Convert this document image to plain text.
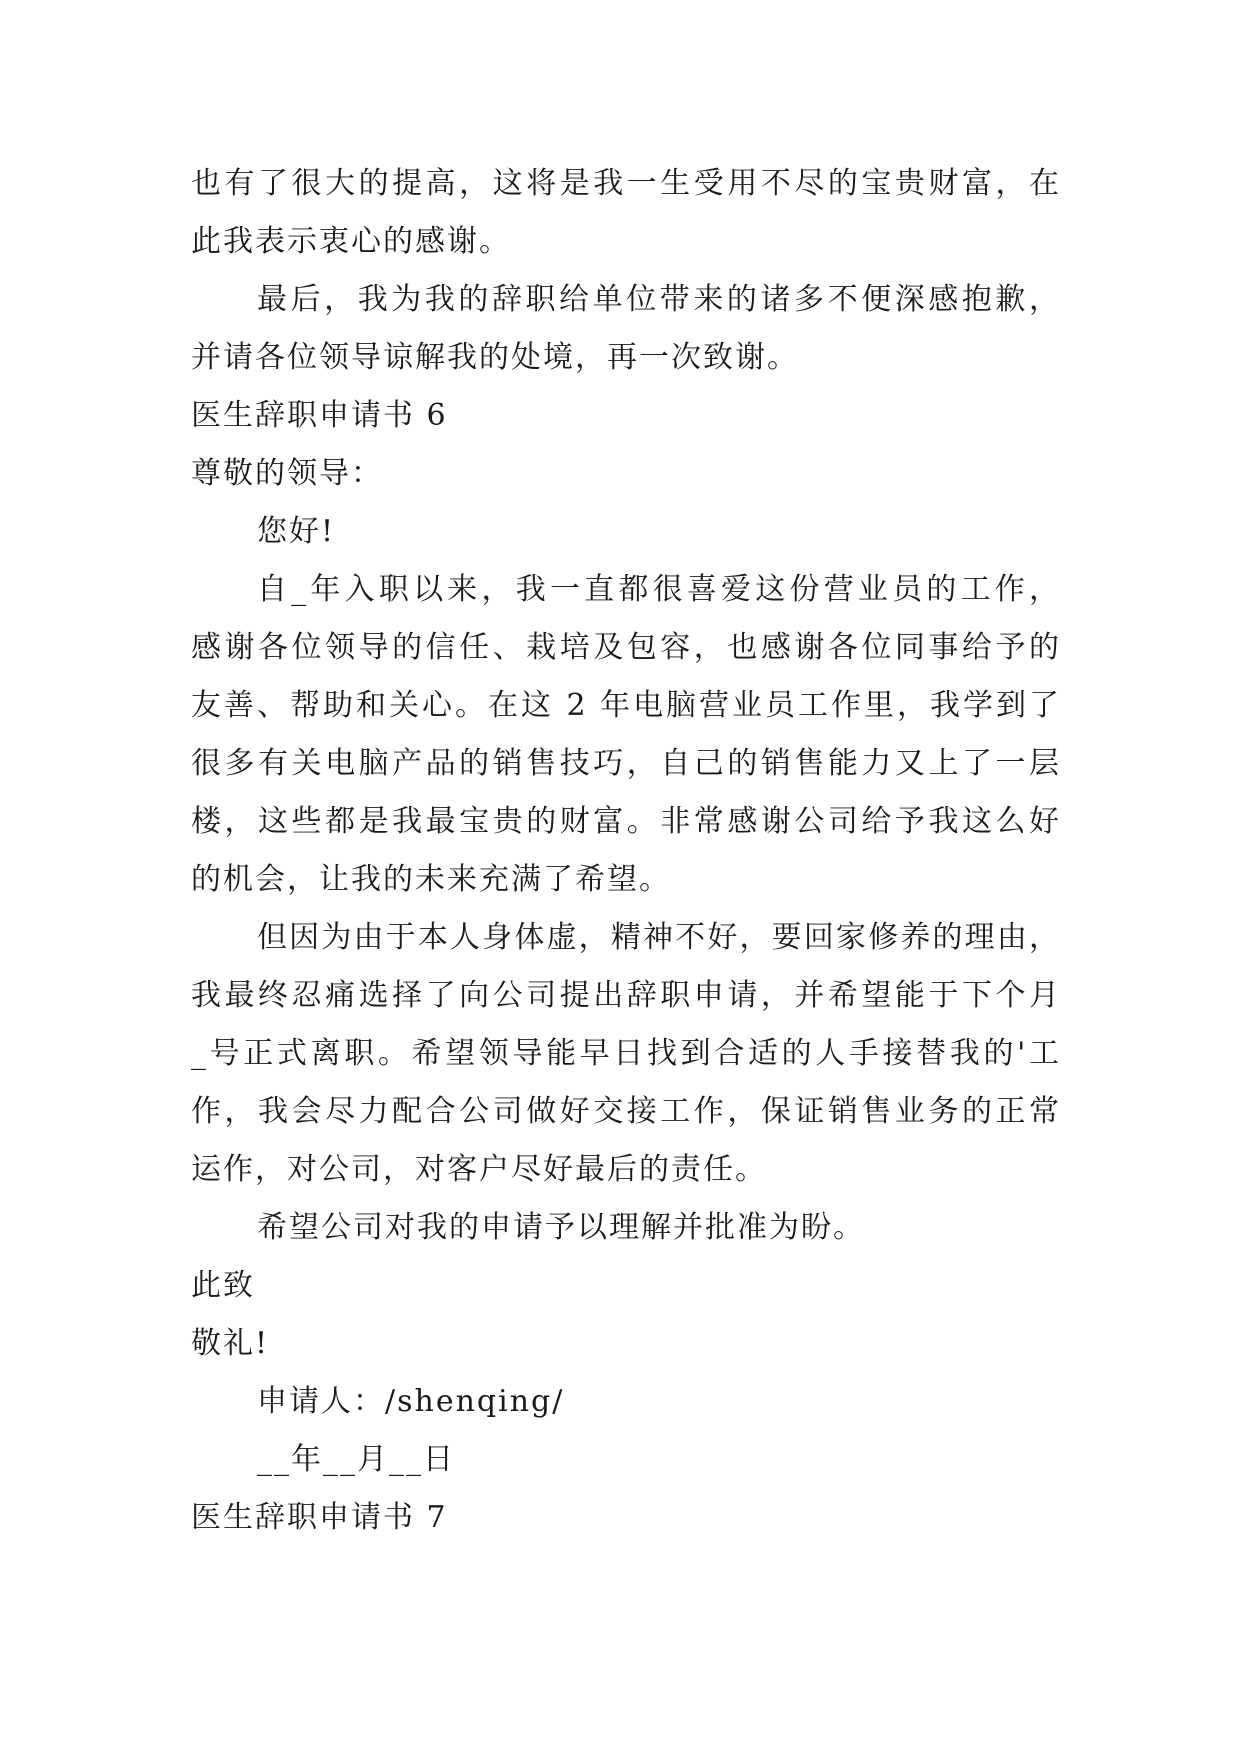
也有了很大的提高，这将是我一生受用不尽的宝贵财富，在
此我表示衷心的感谢。
最后，我为我的辞职给单位带来的诸多不便深感抱歉，
并请各位领导谅解我的处境，再一次致谢。
医生辞职申请书 6
尊敬的领导：
您好!
自_年入职以来，我一直都很喜爱这份营业员的工作，
感谢各位领导的信任、栽培及包容，也感谢各位同事给予的
友善、帮助和关心。在这 2 年电脑营业员工作里，我学到了
很多有关电脑产品的销售技巧，自己的销售能力又上了一层
楼，这些都是我最宝贵的财富。非常感谢公司给予我这么好
的机会，让我的未来充满了希望。
但因为由于本人身体虚，精神不好，要回家修养的理由，
我最终忍痛选择了向公司提出辞职申请，并希望能于下个月
_号正式离职。希望领导能早日找到合适的人手接替我的'工
作，我会尽力配合公司做好交接工作，保证销售业务的正常
运作，对公司，对客户尽好最后的责任。
希望公司对我的申请予以理解并批准为盼。
此致
敬礼!
申请人：/shenqing/
__年__月__日
医生辞职申请书 7
